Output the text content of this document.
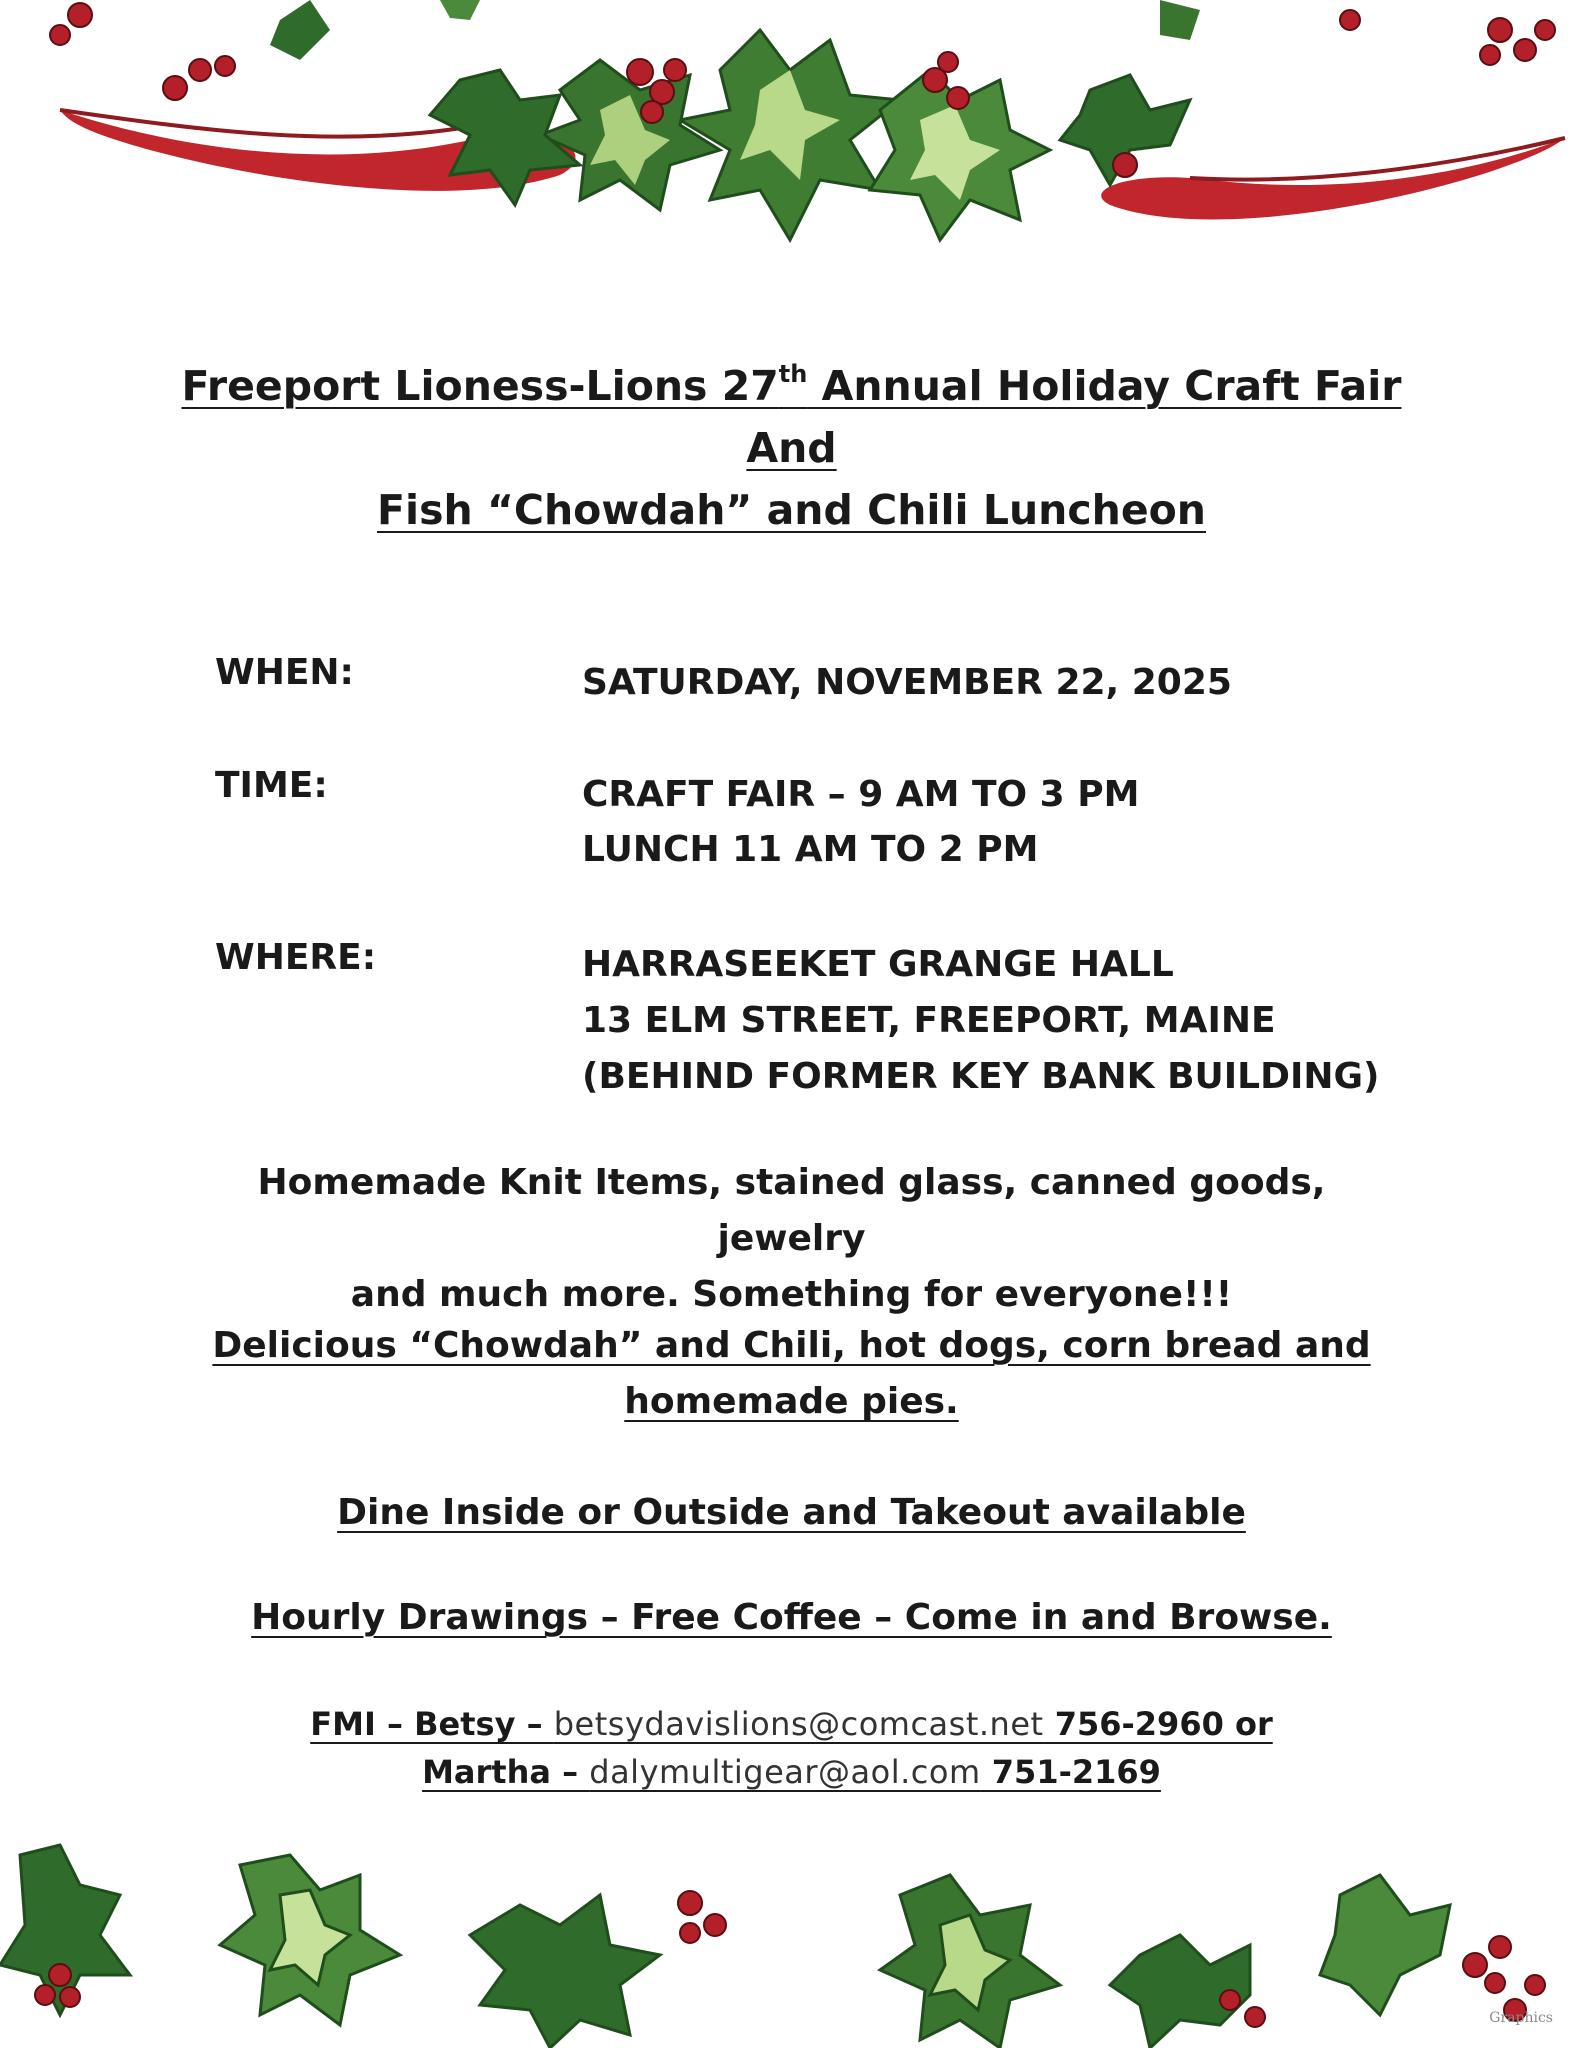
Freeport Lioness-Lions 27th Annual Holiday Craft Fair

And

Fish “Chowdah” and Chili Luncheon

WHEN:	SATURDAY, NOVEMBER 22, 2025
TIME:	CRAFT FAIR – 9 AM TO 3 PM
LUNCH 11 AM TO 2 PM
WHERE:	HARRASEEKET GRANGE HALL
13 ELM STREET, FREEPORT, MAINE
(BEHIND FORMER KEY BANK BUILDING)
Homemade Knit Items, stained glass, canned goods, jewelry
and much more. Something for everyone!!!
Delicious “Chowdah” and Chili, hot dogs, corn bread and
homemade pies.
Dine Inside or Outside and Takeout available
Hourly Drawings – Free Coffee – Come in and Browse.
FMI – Betsy – betsydavislions@comcast.net 756-2960 or
Martha – dalymultigear@aol.com 751-2169
Graphics
